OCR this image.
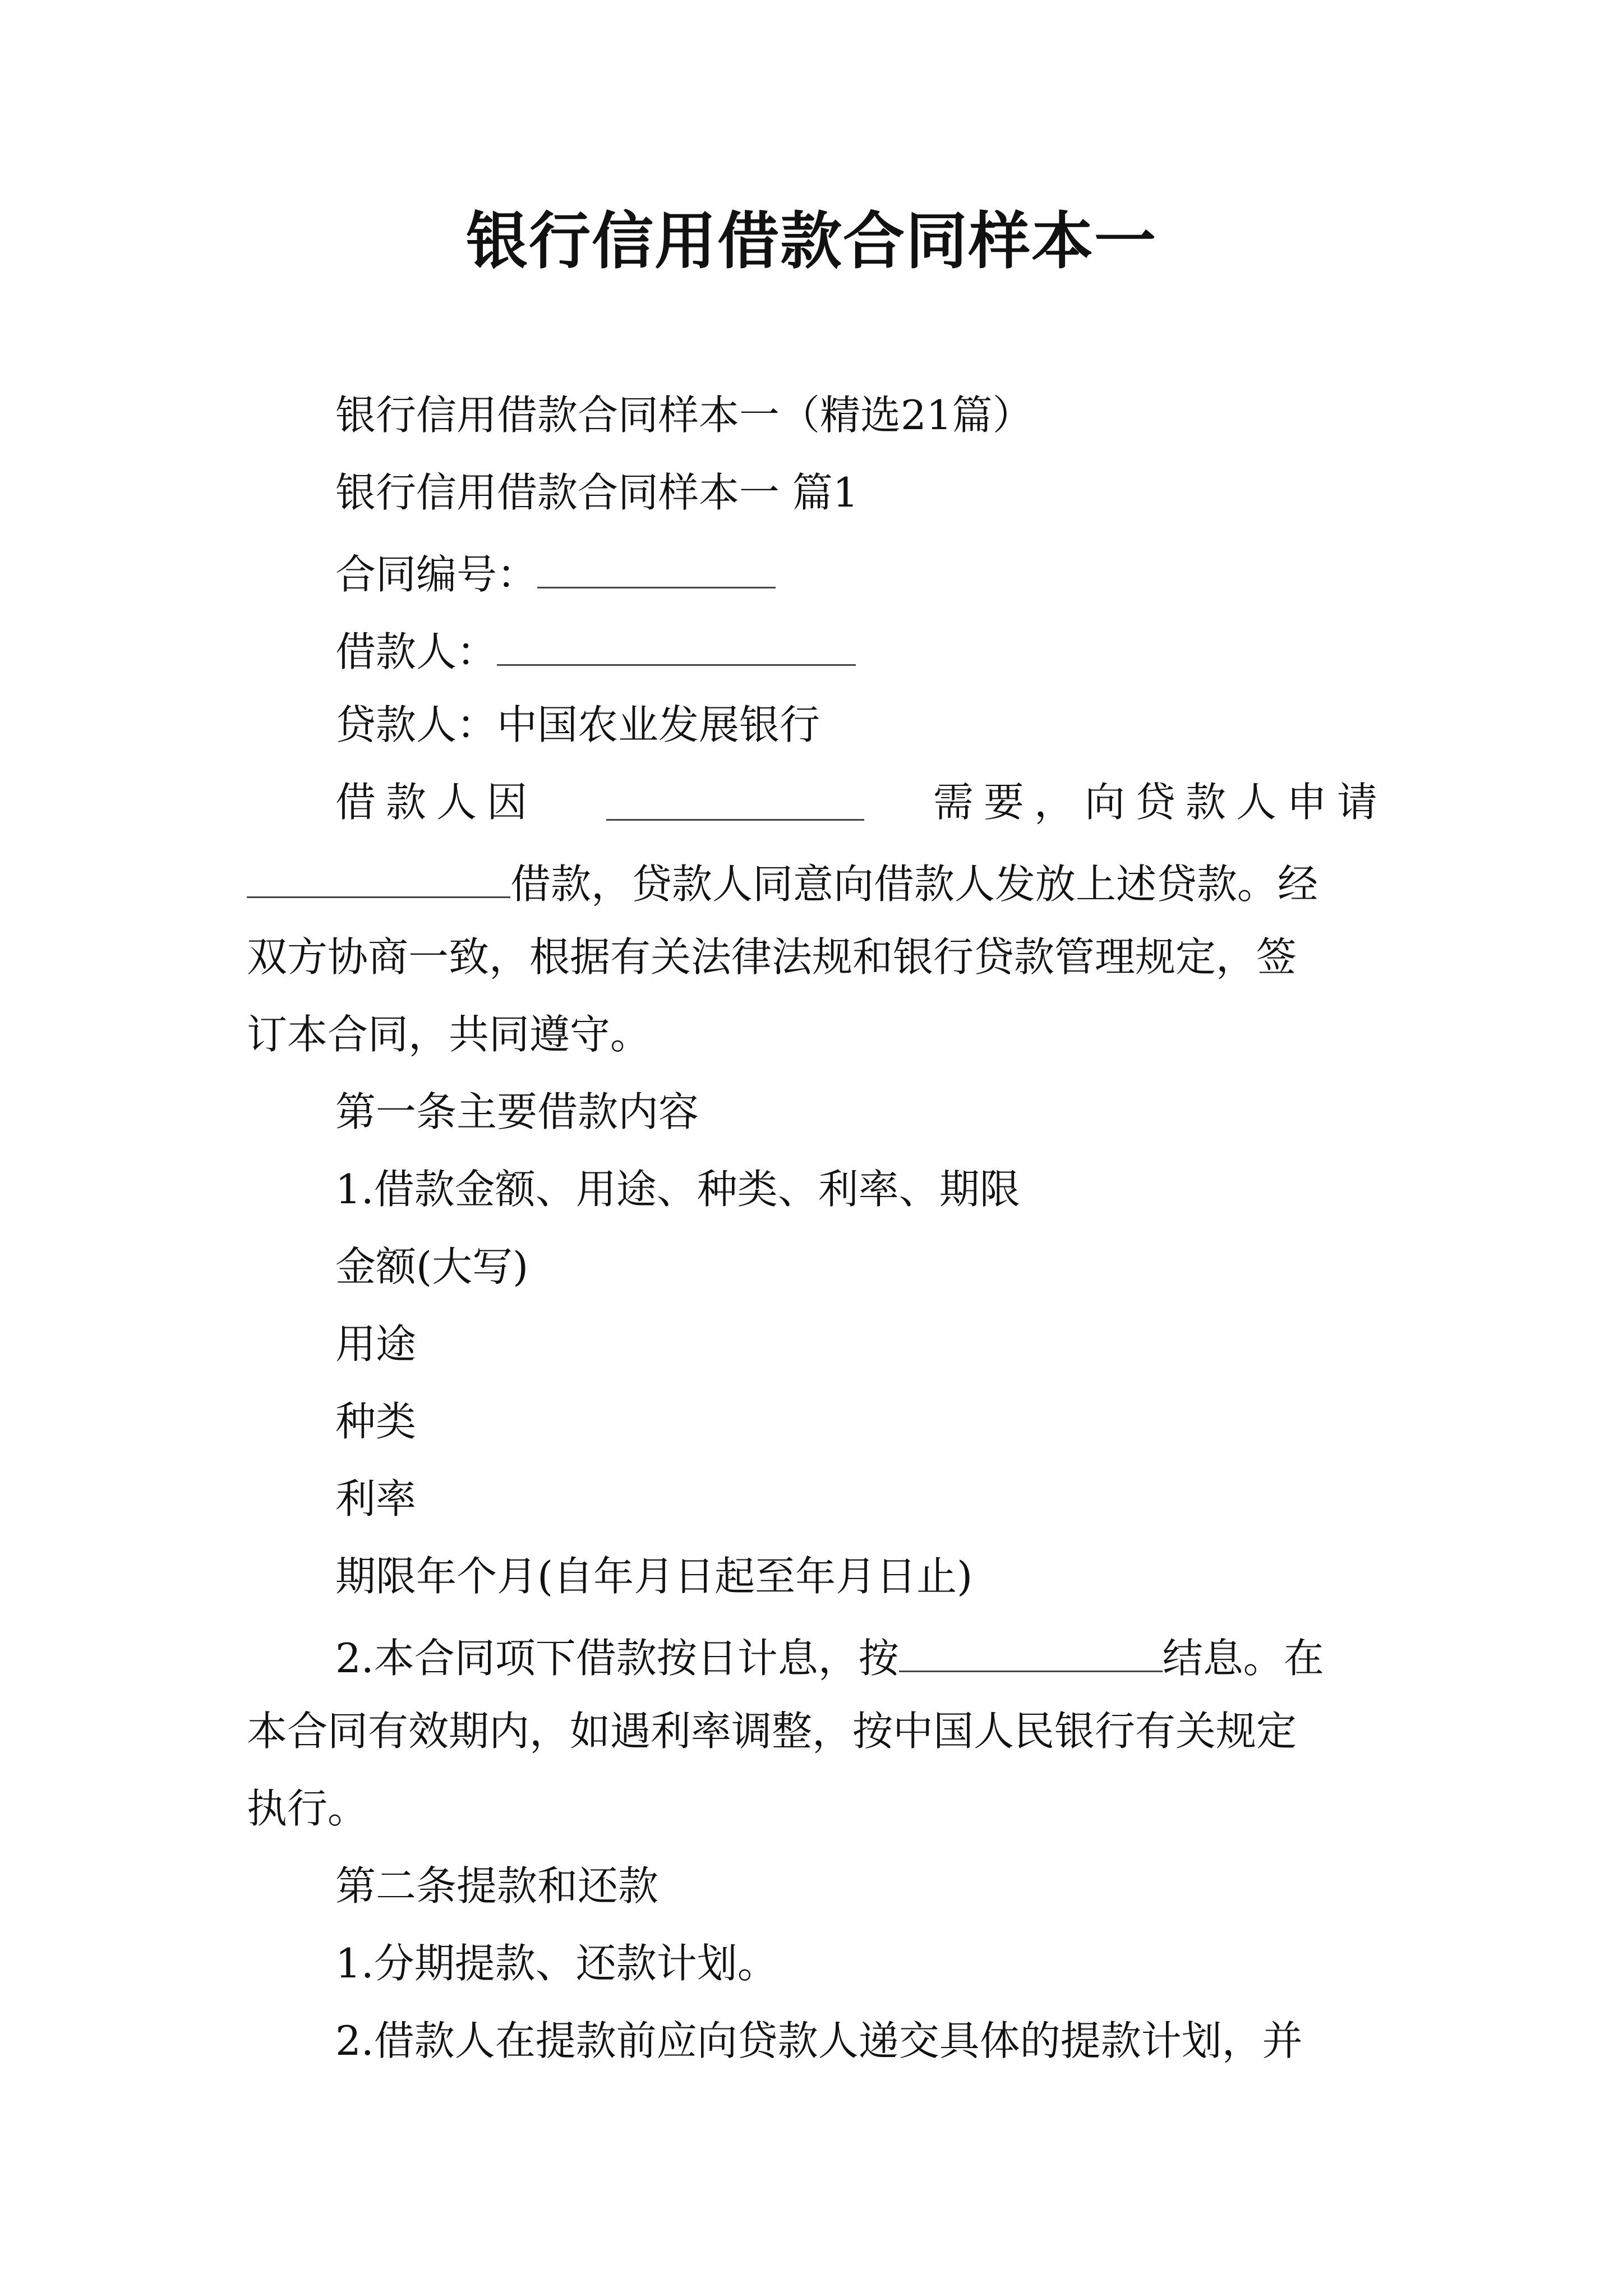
银行信用借款合同样本一
银行信用借款合同样本一（精选21篇）
银行信用借款合同样本一 篇1
合同编号：
借款人：
贷款人：中国农业发展银行
借款人因	需要，向贷款人申请
借款，贷款人同意向借款人发放上述贷款。经
双方协商一致，根据有关法律法规和银行贷款管理规定，签
订本合同，共同遵守。
第一条主要借款内容
1.借款金额、用途、种类、利率、期限
金额(大写)
用途
种类
利率
期限年个月(自年月日起至年月日止)
2.本合同项下借款按日计息，按	结息。在
本合同有效期内，如遇利率调整，按中国人民银行有关规定
执行。
第二条提款和还款
1.分期提款、还款计划。
2.借款人在提款前应向贷款人递交具体的提款计划，并
